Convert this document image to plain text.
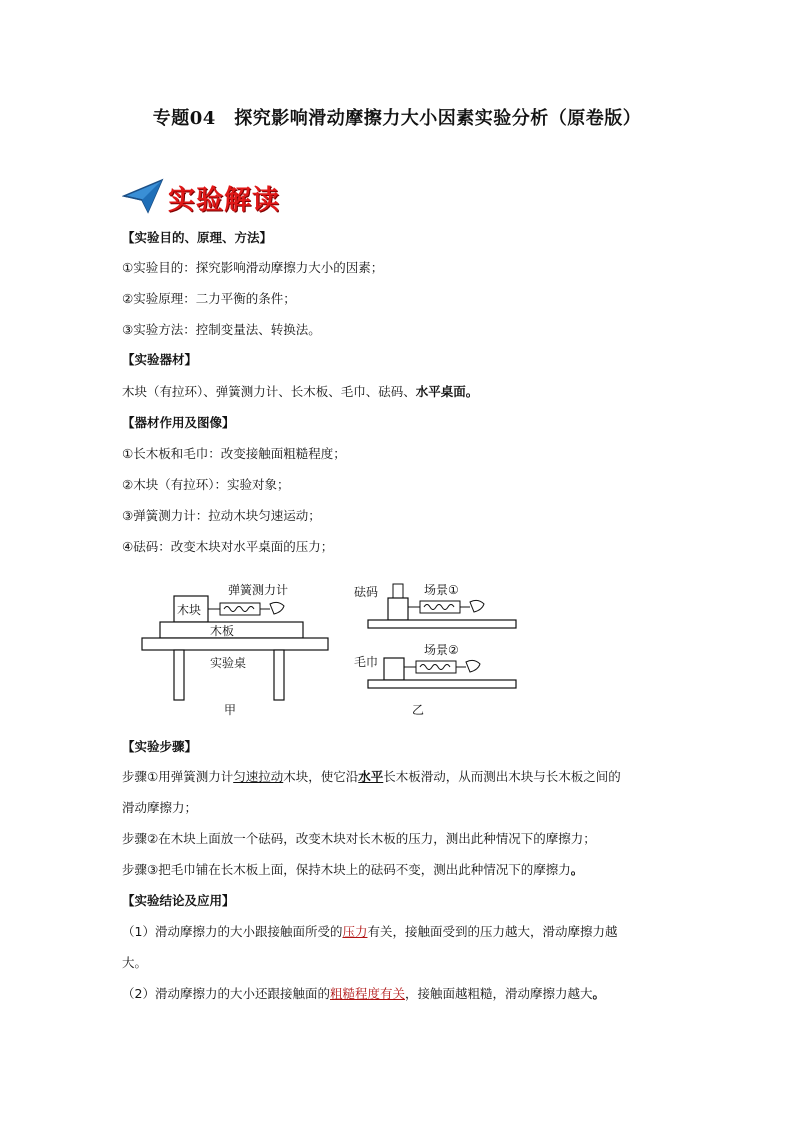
专题04　探究影响滑动摩擦力大小因素实验分析（原卷版）
实验解读
【实验目的、原理、方法】
①实验目的：探究影响滑动摩擦力大小的因素；
②实验原理：二力平衡的条件；
③实验方法：控制变量法、转换法。
【实验器材】
木块（有拉环）、弹簧测力计、长木板、毛巾、砝码、水平桌面。
【器材作用及图像】
①长木板和毛巾：改变接触面粗糙程度；
②木块（有拉环）：实验对象；
③弹簧测力计：拉动木块匀速运动；
④砝码：改变木块对水平桌面的压力；
木块
弹簧测力计
木板
实验桌
甲
砝码	场景①
毛巾
场景②
乙
【实验步骤】
步骤①用弹簧测力计匀速拉动木块，使它沿水平长木板滑动，从而测出木块与长木板之间的
滑动摩擦力；
步骤②在木块上面放一个砝码，改变木块对长木板的压力，测出此种情况下的摩擦力；
步骤③把毛巾铺在长木板上面，保持木块上的砝码不变，测出此种情况下的摩擦力。
【实验结论及应用】
（1）滑动摩擦力的大小跟接触面所受的压力有关，接触面受到的压力越大，滑动摩擦力越
大。
（2）滑动摩擦力的大小还跟接触面的粗糙程度有关，接触面越粗糙，滑动摩擦力越大。
